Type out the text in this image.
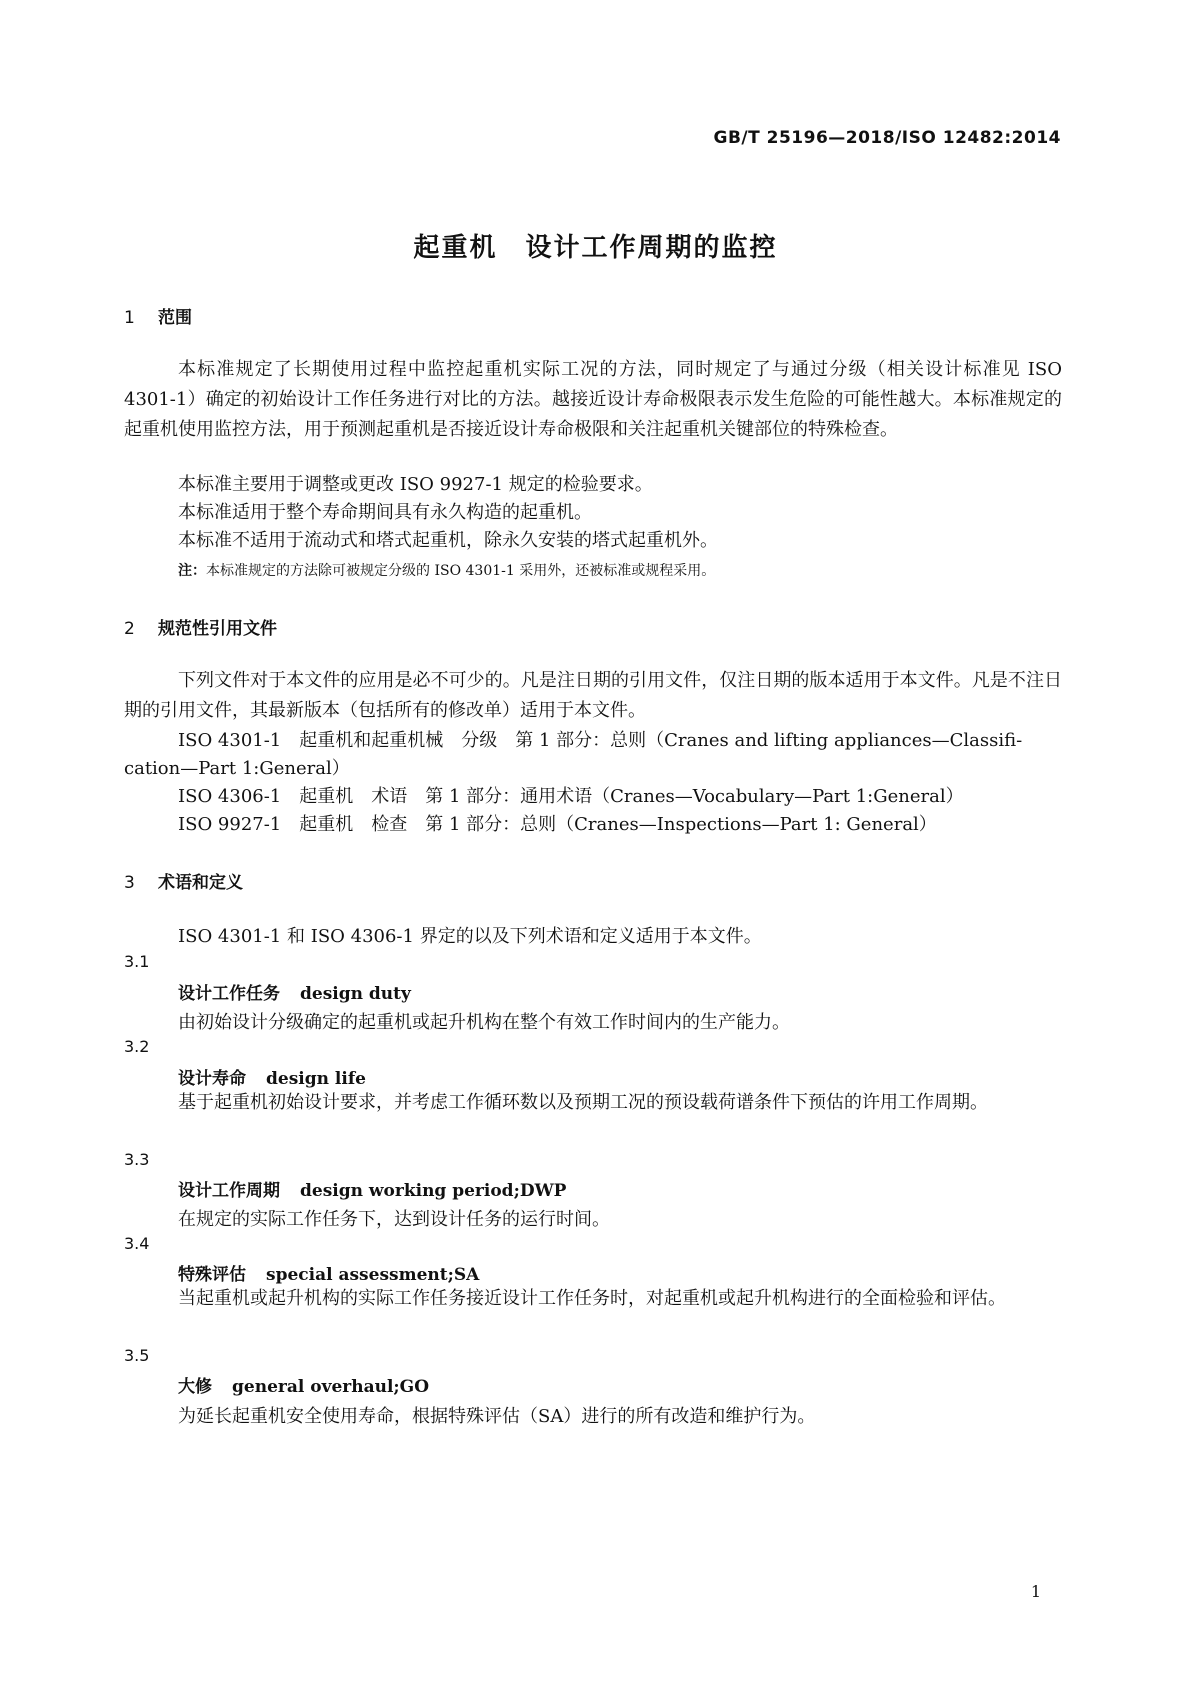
GB/T 25196—2018/ISO 12482:2014
起重机　设计工作周期的监控
1 范围
本标准规定了长期使用过程中监控起重机实际工况的方法，同时规定了与通过分级（相关设计标准见 ISO 4301-1）确定的初始设计工作任务进行对比的方法。越接近设计寿命极限表示发生危险的可能性越大。本标准规定的起重机使用监控方法，用于预测起重机是否接近设计寿命极限和关注起重机关键部位的特殊检查。
本标准主要用于调整或更改 ISO 9927-1 规定的检验要求。
本标准适用于整个寿命期间具有永久构造的起重机。
本标准不适用于流动式和塔式起重机，除永久安装的塔式起重机外。
注：本标准规定的方法除可被规定分级的 ISO 4301-1 采用外，还被标准或规程采用。
2 规范性引用文件
下列文件对于本文件的应用是必不可少的。凡是注日期的引用文件，仅注日期的版本适用于本文件。凡是不注日期的引用文件，其最新版本（包括所有的修改单）适用于本文件。
ISO 4301-1　起重机和起重机械　分级　第 1 部分：总则（Cranes and lifting appliances—Classifi-
cation—Part 1:General）
ISO 4306-1　起重机　术语　第 1 部分：通用术语（Cranes—Vocabulary—Part 1:General）
ISO 9927-1　起重机　检查　第 1 部分：总则（Cranes—Inspections—Part 1: General）
3 术语和定义
ISO 4301-1 和 ISO 4306-1 界定的以及下列术语和定义适用于本文件。
3.1
设计工作任务 design duty
由初始设计分级确定的起重机或起升机构在整个有效工作时间内的生产能力。
3.2
设计寿命 design life
基于起重机初始设计要求，并考虑工作循环数以及预期工况的预设载荷谱条件下预估的许用工作周期。
3.3
设计工作周期 design working period;DWP
在规定的实际工作任务下，达到设计任务的运行时间。
3.4
特殊评估 special assessment;SA
当起重机或起升机构的实际工作任务接近设计工作任务时，对起重机或起升机构进行的全面检验和评估。
3.5
大修 general overhaul;GO
为延长起重机安全使用寿命，根据特殊评估（SA）进行的所有改造和维护行为。
1
